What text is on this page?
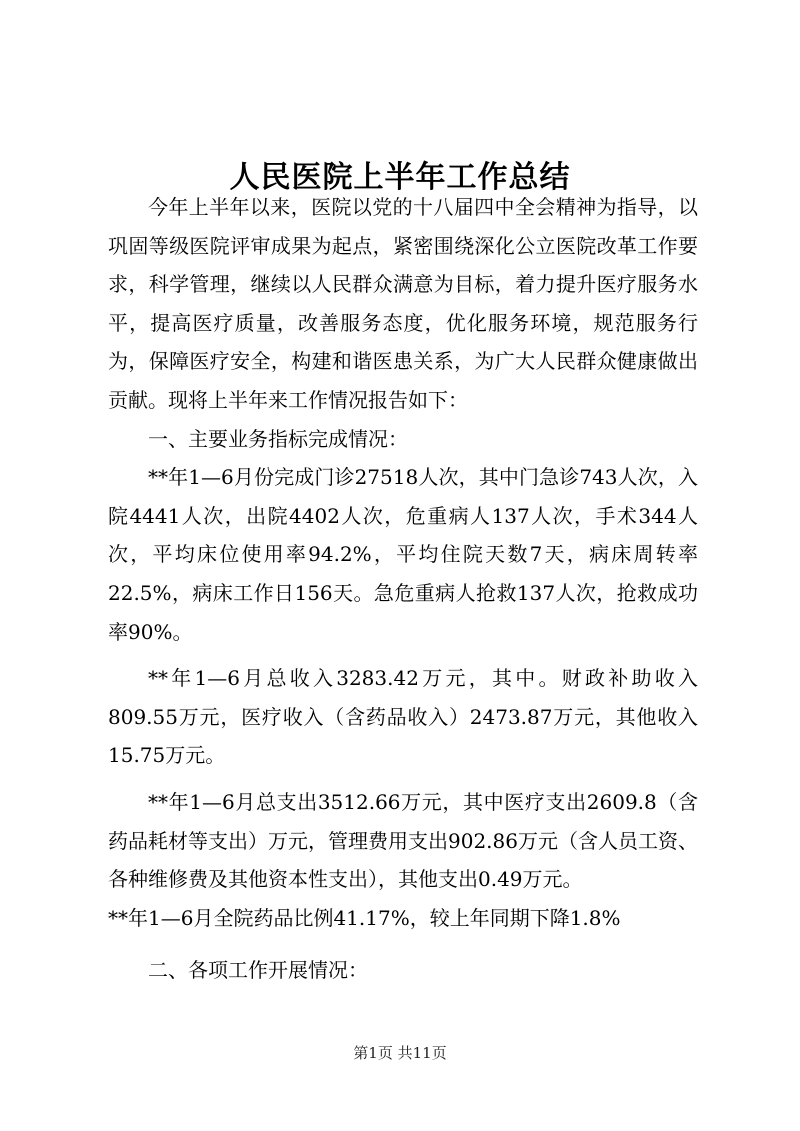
人民医院上半年工作总结

今年上半年以来，医院以党的十八届四中全会精神为指导，以巩固等级医院评审成果为起点，紧密围绕深化公立医院改革工作要求，科学管理，继续以人民群众满意为目标，着力提升医疗服务水平，提高医疗质量，改善服务态度，优化服务环境，规范服务行为，保障医疗安全，构建和谐医患关系，为广大人民群众健康做出贡献。现将上半年来工作情况报告如下：

一、主要业务指标完成情况：

**年1—6月份完成门诊27518人次，其中门急诊743人次，入院4441人次，出院4402人次，危重病人137人次，手术344人次，平均床位使用率94.2%，平均住院天数7天，病床周转率22.5%，病床工作日156天。急危重病人抢救137人次，抢救成功率90%。

**年1—6月总收入3283.42万元，其中。财政补助收入809.55万元，医疗收入（含药品收入）2473.87万元，其他收入15.75万元。

**年1—6月总支出3512.66万元，其中医疗支出2609.8（含药品耗材等支出）万元，管理费用支出902.86万元（含人员工资、各种维修费及其他资本性支出），其他支出0.49万元。

**年1—6月全院药品比例41.17%，较上年同期下降1.8%

二、各项工作开展情况：

第1页 共11页
